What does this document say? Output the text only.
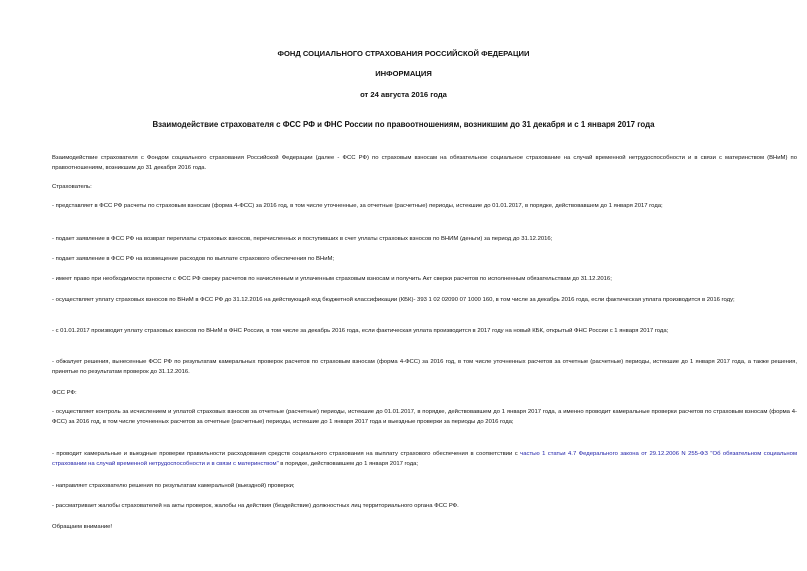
ФОНД СОЦИАЛЬНОГО СТРАХОВАНИЯ РОССИЙСКОЙ ФЕДЕРАЦИИ
ИНФОРМАЦИЯ
от 24 августа 2016 года
Взаимодействие страхователя с ФСС РФ и ФНС России по правоотношениям, возникшим до 31 декабря и с 1 января 2017 года
Взаимодействие страхователя с Фондом социального страхования Российской Федерации (далее - ФСС РФ) по страховым взносам на обязательное социальное страхование на случай временной нетрудоспособности и в связи с материнством (ВНиМ) по правоотношениям, возникшим до 31 декабря 2016 года.
Страхователь:
- представляет в ФСС РФ расчеты по страховым взносам (форма 4-ФСС) за 2016 год, в том числе уточненные, за отчетные (расчетные) периоды, истекшие до 01.01.2017, в порядке, действовавшем до 1 января 2017 года;
- подает заявление в ФСС РФ на возврат переплаты страховых взносов, перечисленных и поступивших в счет уплаты страховых взносов по ВНИМ (деньги) за период до 31.12.2016;
- подает заявление в ФСС РФ на возмещение расходов по выплате страхового обеспечения по ВНиМ;
- имеет право при необходимости провести с ФСС РФ сверку расчетов по начисленным и уплаченным страховым взносам и получить Акт сверки расчетов по исполненным обязательствам до 31.12.2016;
- осуществляет уплату страховых взносов по ВНиМ в ФСС РФ до 31.12.2016 на действующий код бюджетной классификации (КБК)- 393 1 02 02090 07 1000 160, в том числе за декабрь 2016 года, если фактическая уплата производится в 2016 году;
- с 01.01.2017 производит уплату страховых взносов по ВНиМ в ФНС России, в том числе за декабрь 2016 года, если фактическая уплата производится в 2017 году на новый КБК, открытый ФНС России с 1 января 2017 года;
- обжалует решения, вынесенные ФСС РФ по результатам камеральных проверок расчетов по страховым взносам (форма 4-ФСС) за 2016 год, в том числе уточненных расчетов за отчетные (расчетные) периоды, истекшие до 1 января 2017 года, а также решения, принятые по результатам проверок до 31.12.2016.
ФСС РФ:
- осуществляет контроль за исчислением и уплатой страховых взносов за отчетные (расчетные) периоды, истекшие до 01.01.2017, в порядке, действовавшем до 1 января 2017 года, а именно проводит камеральные проверки расчетов по страховым взносам (форма 4-ФСС) за 2016 год, в том числе уточненных расчетов за отчетные (расчетные) периоды, истекшие до 1 января 2017 года и выездные проверки за периоды до 2016 года;
- проводит камеральные и выездные проверки правильности расходования средств социального страхования на выплату страхового обеспечения в соответствии с частью 1 статьи 4.7 Федерального закона от 29.12.2006 N 255-ФЗ "Об обязательном социальном страховании на случай временной нетрудоспособности и в связи с материнством" в порядке, действовавшем до 1 января 2017 года;
- направляет страхователю решения по результатам камеральной (выездной) проверки;
- рассматривает жалобы страхователей на акты проверок, жалобы на действия (бездействие) должностных лиц территориального органа ФСС РФ.
Обращаем внимание!
